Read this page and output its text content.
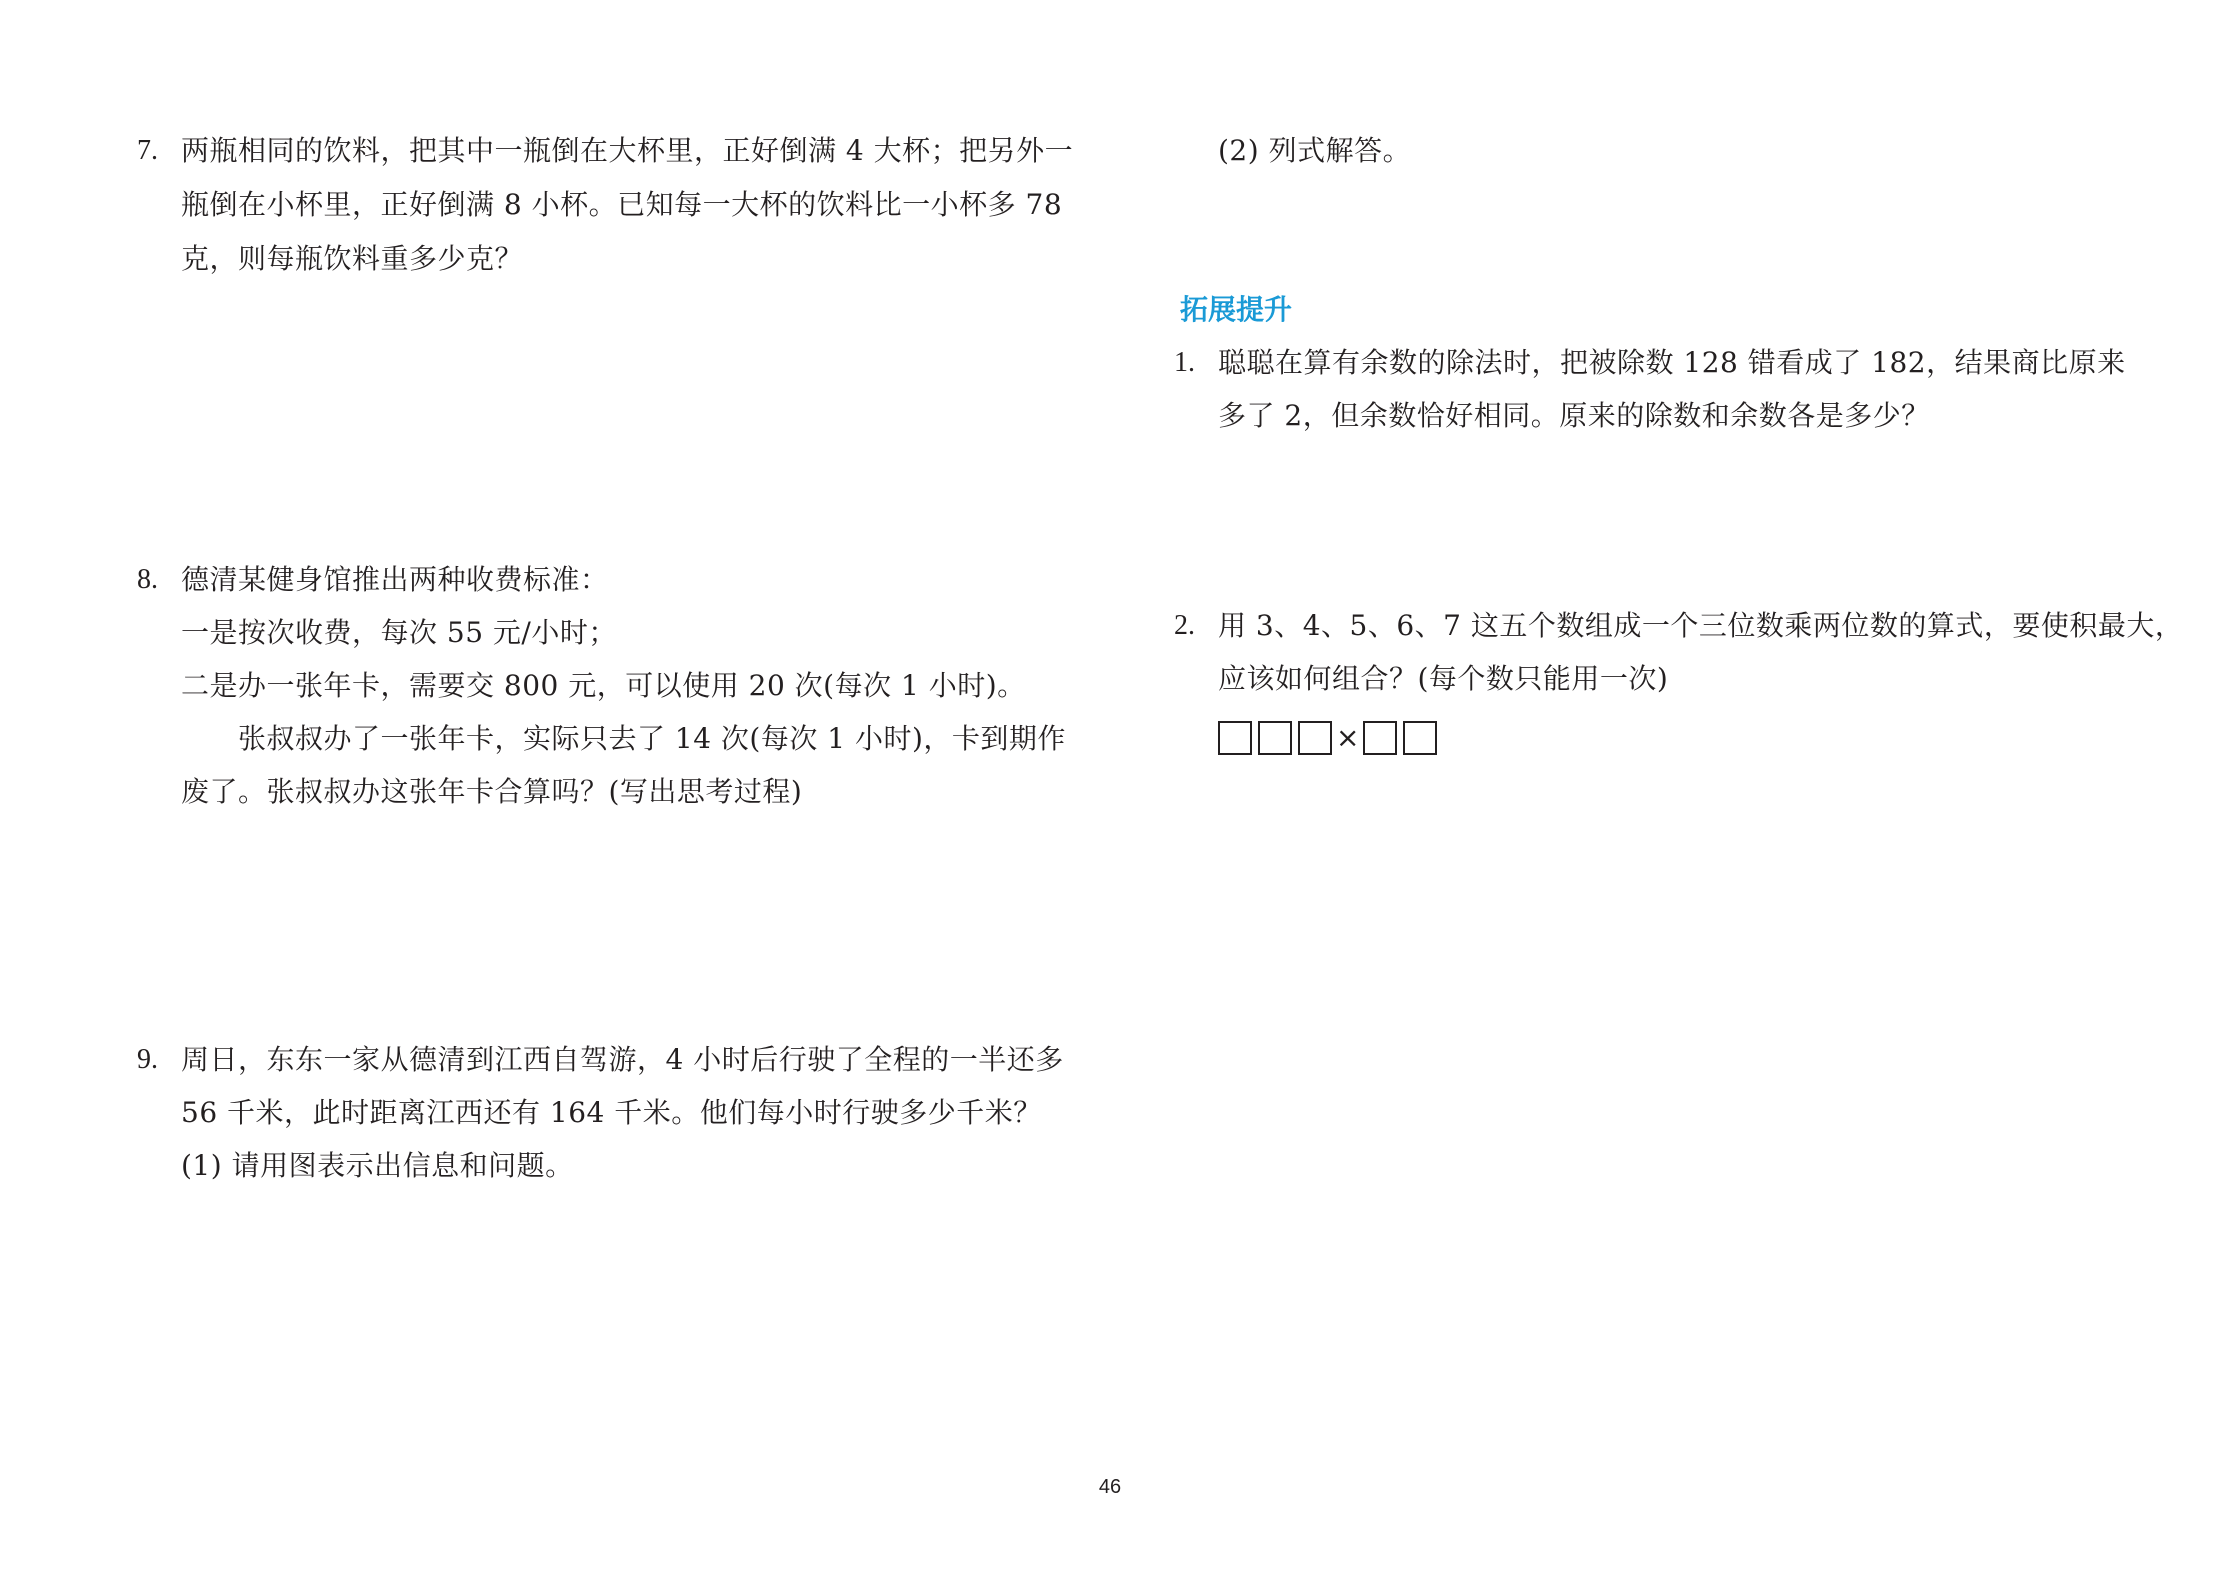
7. 两瓶相同的饮料，把其中一瓶倒在大杯里，正好倒满 4 大杯；把另外一
瓶倒在小杯里，正好倒满 8 小杯。已知每一大杯的饮料比一小杯多 78
克，则每瓶饮料重多少克？
8. 德清某健身馆推出两种收费标准：
一是按次收费，每次 55 元/小时；
二是办一张年卡，需要交 800 元，可以使用 20 次(每次 1 小时)。
张叔叔办了一张年卡，实际只去了 14 次(每次 1 小时)，卡到期作
废了。张叔叔办这张年卡合算吗？(写出思考过程)
9. 周日，东东一家从德清到江西自驾游，4 小时后行驶了全程的一半还多
56 千米，此时距离江西还有 164 千米。他们每小时行驶多少千米？
(1) 请用图表示出信息和问题。
(2) 列式解答。
拓展提升
1. 聪聪在算有余数的除法时，把被除数 128 错看成了 182，结果商比原来
多了 2，但余数恰好相同。原来的除数和余数各是多少？
2. 用 3、4、5、6、7 这五个数组成一个三位数乘两位数的算式，要使积最大，
应该如何组合？(每个数只能用一次)
×
46
